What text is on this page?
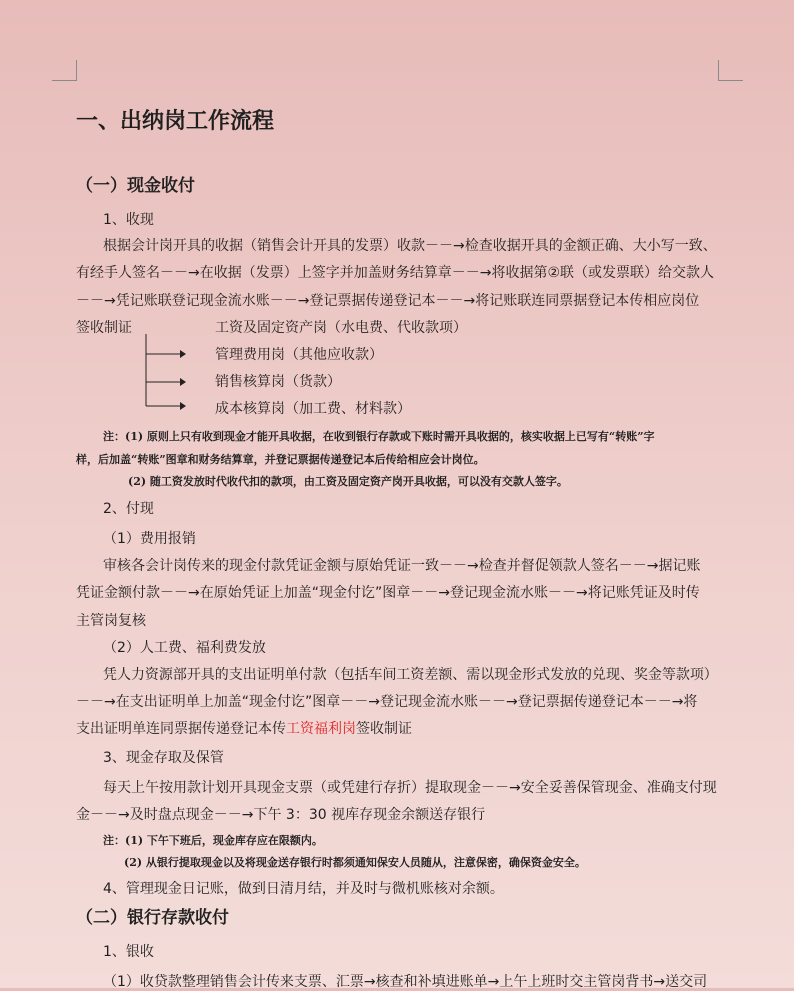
一、出纳岗工作流程
（一）现金收付
1、收现
根据会计岗开具的收据（销售会计开具的发票）收款－－→检查收据开具的金额正确、大小写一致、
有经手人签名－－→在收据（发票）上签字并加盖财务结算章－－→将收据第②联（或发票联）给交款人
－－→凭记账联登记现金流水账－－→登记票据传递登记本－－→将记账联连同票据登记本传相应岗位
签收制证	工资及固定资产岗（水电费、代收款项）
管理费用岗（其他应收款）
销售核算岗（货款）
成本核算岗（加工费、材料款）
注：(1) 原则上只有收到现金才能开具收据，在收到银行存款或下账时需开具收据的，核实收据上已写有“转账”字
样，后加盖“转账”图章和财务结算章，并登记票据传递登记本后传给相应会计岗位。
(2) 随工资发放时代收代扣的款项，由工资及固定资产岗开具收据，可以没有交款人签字。
2、付现
（1）费用报销
审核各会计岗传来的现金付款凭证金额与原始凭证一致－－→检查并督促领款人签名－－→据记账
凭证金额付款－－→在原始凭证上加盖“现金付讫”图章－－→登记现金流水账－－→将记账凭证及时传
主管岗复核
（2）人工费、福利费发放
凭人力资源部开具的支出证明单付款（包括车间工资差额、需以现金形式发放的兑现、奖金等款项）
－－→在支出证明单上加盖“现金付讫”图章－－→登记现金流水账－－→登记票据传递登记本－－→将
支出证明单连同票据传递登记本传工资福利岗签收制证
3、现金存取及保管
每天上午按用款计划开具现金支票（或凭建行存折）提取现金－－→安全妥善保管现金、准确支付现
金－－→及时盘点现金－－→下午 3：30 视库存现金余额送存银行
注：(1) 下午下班后，现金库存应在限额内。
(2) 从银行提取现金以及将现金送存银行时都须通知保安人员随从，注意保密，确保资金安全。
4、管理现金日记账，做到日清月结，并及时与微机账核对余额。
（二）银行存款收付
1、银收
（1）收贷款整理销售会计传来支票、汇票→核查和补填进账单→上午上班时交主管岗背书→送交司
